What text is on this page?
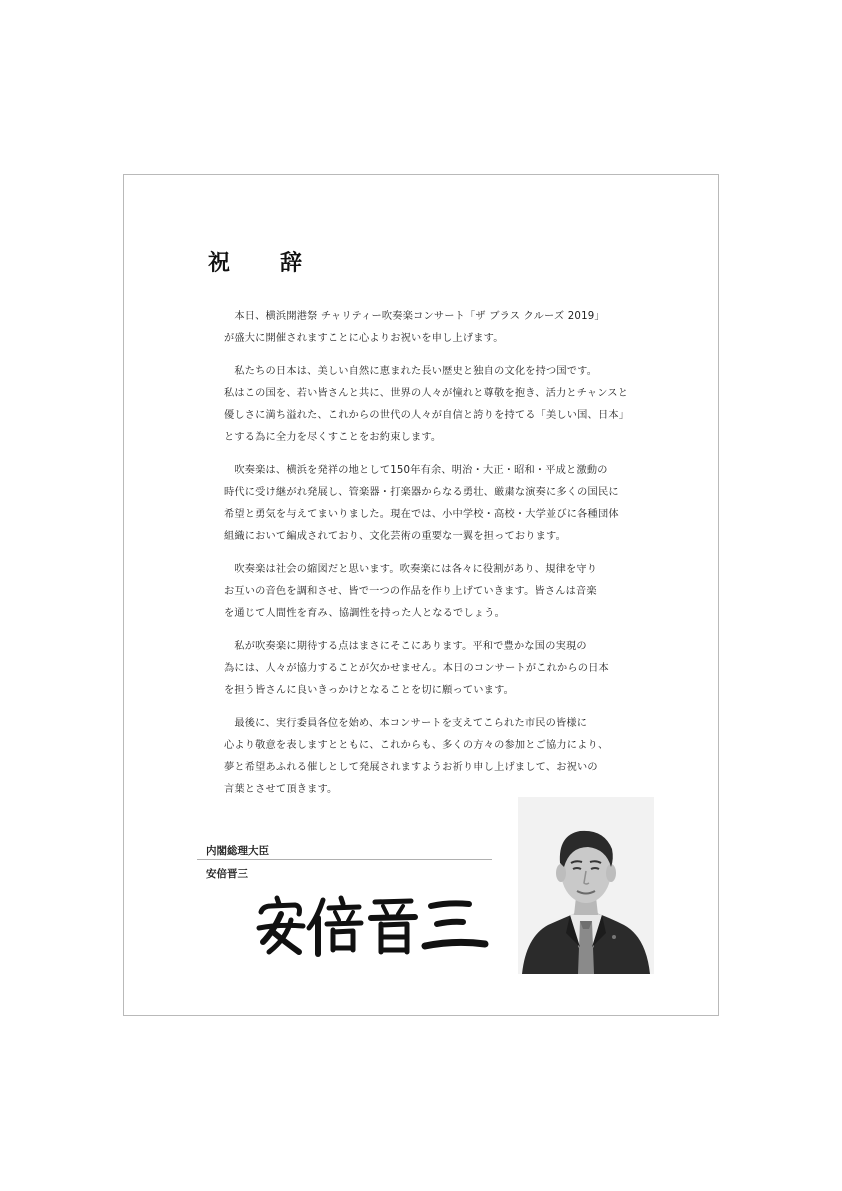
祝　辞

　本日、横浜開港祭 チャリティー吹奏楽コンサート「ザ ブラス クルーズ 2019」
が盛大に開催されますことに心よりお祝いを申し上げます。

　私たちの日本は、美しい自然に恵まれた長い歴史と独自の文化を持つ国です。
私はこの国を、若い皆さんと共に、世界の人々が憧れと尊敬を抱き、活力とチャンスと
優しさに満ち溢れた、これからの世代の人々が自信と誇りを持てる「美しい国、日本」
とする為に全力を尽くすことをお約束します。

　吹奏楽は、横浜を発祥の地として150年有余、明治・大正・昭和・平成と激動の
時代に受け継がれ発展し、管楽器・打楽器からなる勇壮、厳粛な演奏に多くの国民に
希望と勇気を与えてまいりました。現在では、小中学校・高校・大学並びに各種団体
組織において編成されており、文化芸術の重要な一翼を担っております。

　吹奏楽は社会の縮図だと思います。吹奏楽には各々に役割があり、規律を守り
お互いの音色を調和させ、皆で一つの作品を作り上げていきます。皆さんは音楽
を通じて人間性を育み、協調性を持った人となるでしょう。

　私が吹奏楽に期待する点はまさにそこにあります。平和で豊かな国の実現の
為には、人々が協力することが欠かせません。本日のコンサートがこれからの日本
を担う皆さんに良いきっかけとなることを切に願っています。

　最後に、実行委員各位を始め、本コンサートを支えてこられた市民の皆様に
心より敬意を表しますとともに、これからも、多くの方々の参加とご協力により、
夢と希望あふれる催しとして発展されますようお祈り申し上げまして、お祝いの
言葉とさせて頂きます。

内閣総理大臣
安倍晋三
